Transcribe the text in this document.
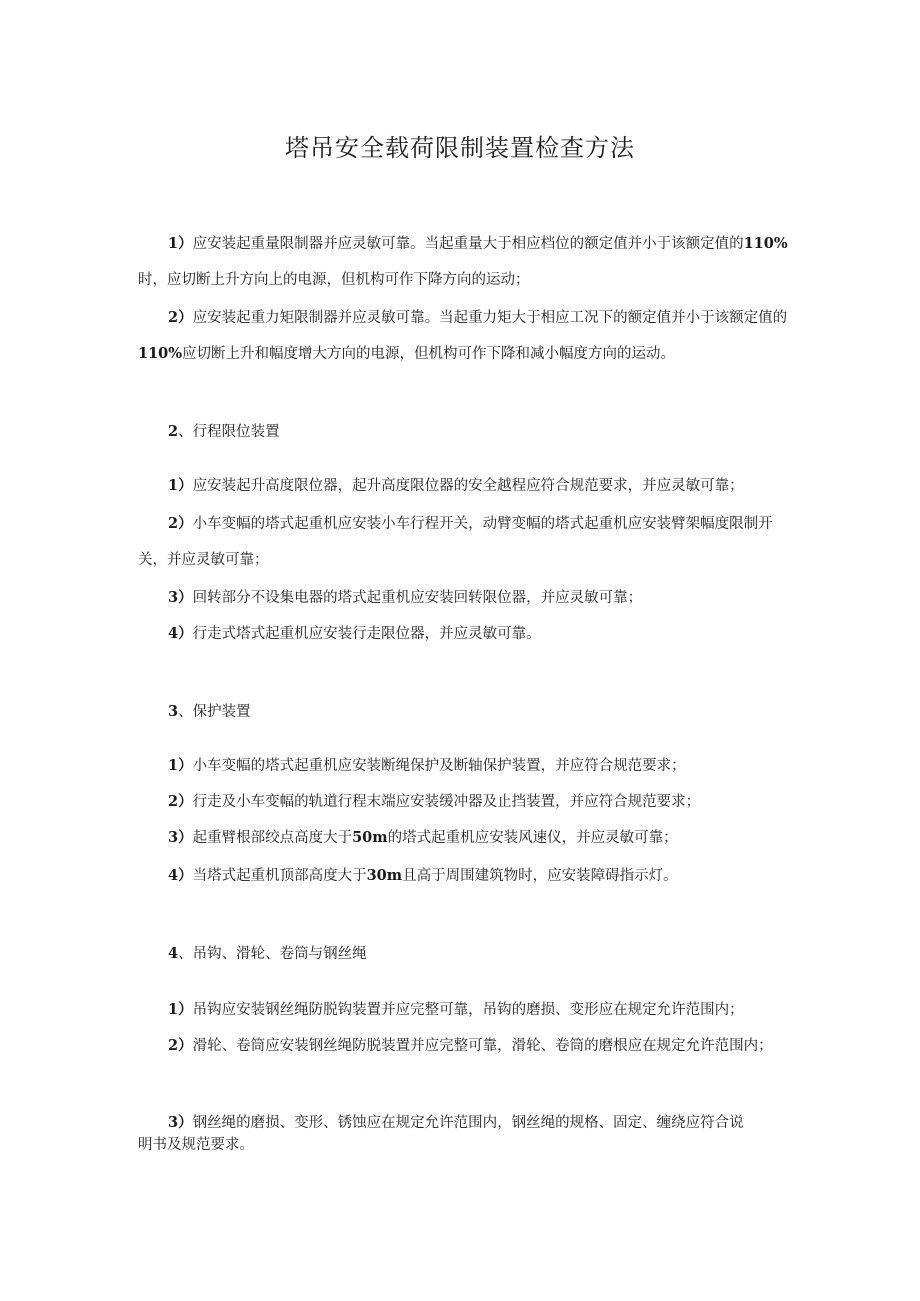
塔吊安全载荷限制装置检查方法

1）应安装起重量限制器并应灵敏可靠。当起重量大于相应档位的额定值并小于该额定值的110%时，应切断上升方向上的电源，但机构可作下降方向的运动；

2）应安装起重力矩限制器并应灵敏可靠。当起重力矩大于相应工况下的额定值并小于该额定值的110%应切断上升和幅度增大方向的电源，但机构可作下降和减小幅度方向的运动。

2、行程限位装置

1）应安装起升高度限位器，起升高度限位器的安全越程应符合规范要求，并应灵敏可靠；

2）小车变幅的塔式起重机应安装小车行程开关，动臂变幅的塔式起重机应安装臂架幅度限制开关，并应灵敏可靠；

3）回转部分不设集电器的塔式起重机应安装回转限位器，并应灵敏可靠；

4）行走式塔式起重机应安装行走限位器，并应灵敏可靠。

3、保护装置

1）小车变幅的塔式起重机应安装断绳保护及断轴保护装置，并应符合规范要求；

2）行走及小车变幅的轨道行程末端应安装缓冲器及止挡装置，并应符合规范要求；

3）起重臂根部绞点高度大于50m的塔式起重机应安装风速仪，并应灵敏可靠；

4）当塔式起重机顶部高度大于30m且高于周围建筑物时，应安装障碍指示灯。

4、吊钩、滑轮、卷筒与钢丝绳

1）吊钩应安装钢丝绳防脱钩装置并应完整可靠，吊钩的磨损、变形应在规定允许范围内；

2）滑轮、卷筒应安装钢丝绳防脱装置并应完整可靠，滑轮、卷筒的磨根应在规定允许范围内；

3）钢丝绳的磨损、变形、锈蚀应在规定允许范围内，钢丝绳的规格、固定、缠绕应符合说明书及规范要求。
